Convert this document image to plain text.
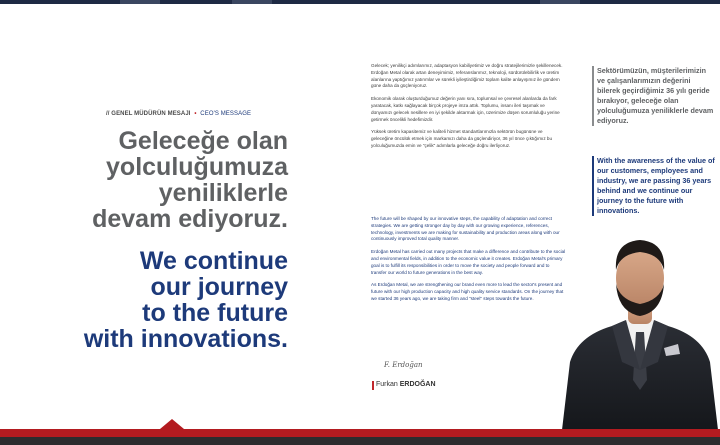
// GENEL MÜDÜRÜN MESAJI • CEO'S MESSAGE
Geleceğe olan
yolculuğumuza
yeniliklerle
devam ediyoruz.
We continue
our journey
to the future
with innovations.

Gelecek; yenilikçi adımlarımız, adaptasyon kabiliyetimiz ve doğru stratejilerimizle şekillenecek. Erdoğan Metal olarak artan deneyimimiz, referanslarımız, teknoloji, sürdürülebilirlik ve üretim alanlarına yaptığımız yatırımlar ve sürekli iyileştirdiğimiz toplam kalite anlayışımız ile gündem güne daha da güçleniyoruz.

Ekonomik olarak oluşturduğumuz değerin yanı sıra, toplumsal ve çevresel alanlarda da fark yaratacak, katkı sağlayacak birçok projeye imza attık. Toplumu, insanı ileri taşımak ve dünyamızı gelecek nesillere en iyi şekilde aktarmak için, üzerimize düşen sorumluluğu yerine getirmek öncelikli hedefimizdir.

Yüksek üretim kapasitemiz ve kaliteli hizmet standartlarımızla sektörün bugününe ve geleceğine öncülük etmek için markamızı daha da güçlendiriyor, 36 yıl önce çıktığımız bu yolculuğumuzda emin ve "çelik" adımlarla geleceğe doğru ilerliyoruz.

The future will be shaped by our innovative steps, the capability of adaptation and correct strategies. We are getting stronger day by day with our growing experience, references, technology, investments we are making for sustainability and production areas along with our continuously improved total quality manner.

Erdoğan Metal has carried out many projects that make a difference and contribute to the social and environmental fields, in addition to the economic value it creates. Erdoğan Metal's primary goal is to fulfill its responsibilities in order to move the society and people forward and to transfer our world to future generations in the best way.

As Erdoğan Metal, we are strengthening our brand even more to lead the sector's present and future with our high production capacity and high quality service standards. On the journey that we started 36 years ago, we are taking firm and "steel" steps towards the future.

F. Erdoğan
Furkan ERDOĞAN

Sektörümüzün, müşterilerimizin ve çalışanlarımızın değerini bilerek geçirdiğimiz 36 yılı geride bırakıyor, geleceğe olan yolculuğumuza yeniliklerle devam ediyoruz.

With the awareness of the value of our customers, employees and industry, we are passing 36 years behind and we continue our journey to the future with innovations.
